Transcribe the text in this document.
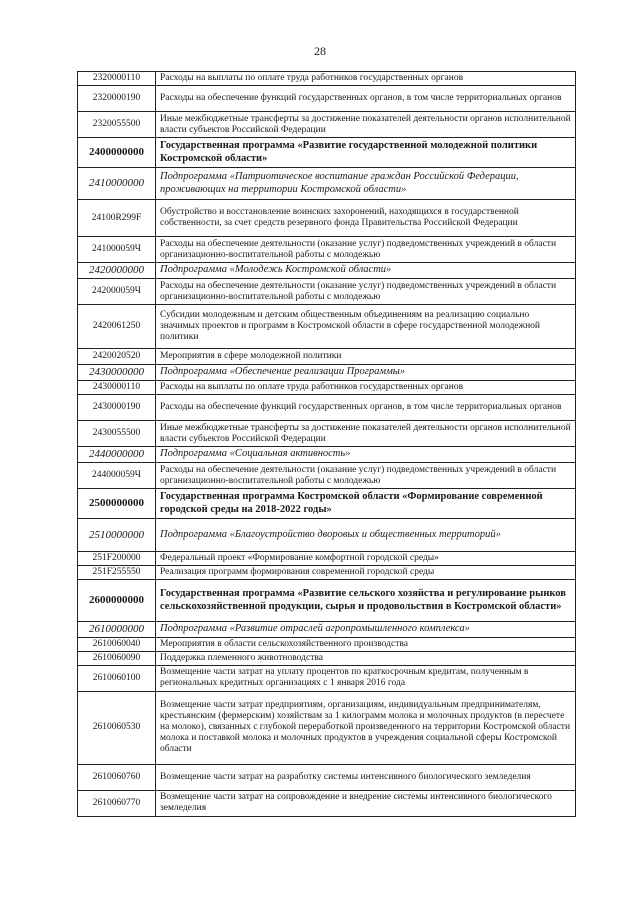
28
2320000110	Расходы на выплаты по оплате труда работников государственных органов
2320000190	Расходы на обеспечение функций государственных органов, в том числе территориальных органов
2320055500	Иные межбюджетные трансферты за достижение показателей деятельности органов исполнительной власти субъектов Российской Федерации
2400000000	Государственная программа «Развитие государственной молодежной политики Костромской области»
2410000000	Подпрограмма «Патриотическое воспитание граждан Российской Федерации, проживающих на территории Костромской области»
24100R299F	Обустройство и восстановление воинских захоронений, находящихся в государственной собственности, за счет средств резервного фонда Правительства Российской Федерации
241000059Ч	Расходы на обеспечение деятельности (оказание услуг) подведомственных учреждений в области организационно-воспитательной работы с молодежью
2420000000	Подпрограмма «Молодежь Костромской области»
242000059Ч	Расходы на обеспечение деятельности (оказание услуг) подведомственных учреждений в области организационно-воспитательной работы с молодежью
2420061250	Субсидии молодежным и детским общественным объединениям на реализацию социально значимых проектов и программ в Костромской области в сфере государственной молодежной политики
2420020520	Мероприятия в сфере молодежной политики
2430000000	Подпрограмма «Обеспечение реализации Программы»
2430000110	Расходы на выплаты по оплате труда работников государственных органов
2430000190	Расходы на обеспечение функций государственных органов, в том числе территориальных органов
2430055500	Иные межбюджетные трансферты за достижение показателей деятельности органов исполнительной власти субъектов Российской Федерации
2440000000	Подпрограмма «Социальная активность»
244000059Ч	Расходы на обеспечение деятельности (оказание услуг) подведомственных учреждений в области организационно-воспитательной работы с молодежью
2500000000	Государственная программа Костромской области «Формирование современной городской среды на 2018-2022 годы»
2510000000	Подпрограмма «Благоустройство дворовых и общественных территорий»
251F200000	Федеральный проект «Формирование комфортной городской среды»
251F255550	Реализация программ формирования современной городской среды
2600000000	Государственная программа «Развитие сельского хозяйства и регулирование рынков сельскохозяйственной продукции, сырья и продовольствия в Костромской области»
2610000000	Подпрограмма «Развитие отраслей агропромышленного комплекса»
2610060040	Мероприятия в области сельскохозяйственного производства
2610060090	Поддержка племенного животноводства
2610060100	Возмещение части затрат на уплату процентов по краткосрочным кредитам, полученным в региональных кредитных организациях с 1 января 2016 года
2610060530	Возмещение части затрат предприятиям, организациям, индивидуальным предпринимателям, крестьянским (фермерским) хозяйствам за 1 килограмм молока и молочных продуктов (в пересчете на молоко), связанных с глубокой переработкой произведенного на территории Костромской области молока и поставкой молока и молочных продуктов в учреждения социальной сферы Костромской области
2610060760	Возмещение части затрат на разработку системы интенсивного биологического земледелия
2610060770	Возмещение части затрат на сопровождение и внедрение системы интенсивного биологического земледелия
